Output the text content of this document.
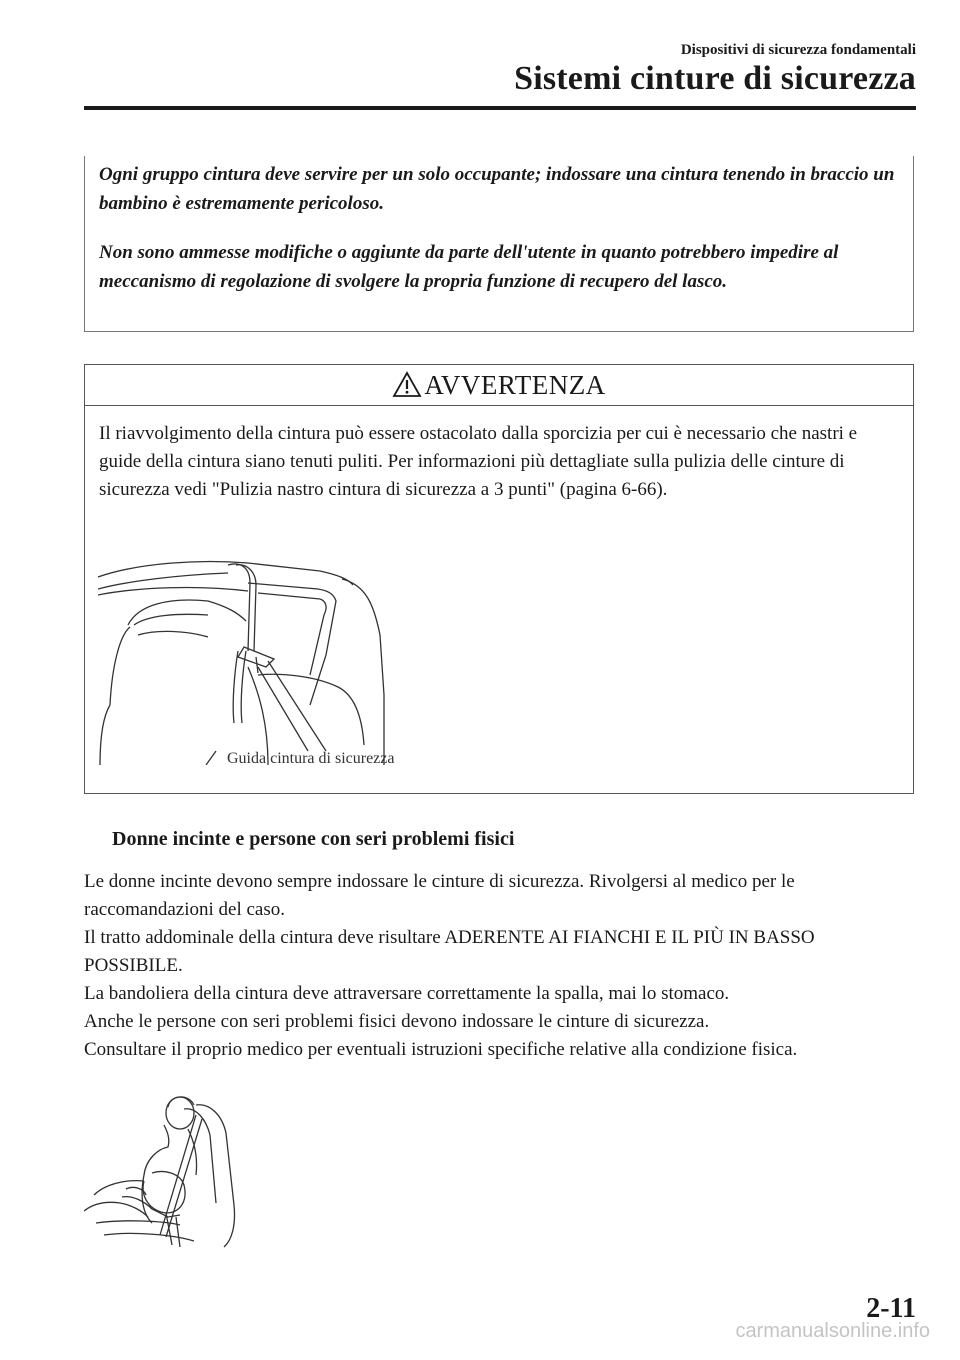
Dispositivi di sicurezza fondamentali
Sistemi cinture di sicurezza

Ogni gruppo cintura deve servire per un solo occupante; indossare una cintura tenendo in braccio un bambino è estremamente pericoloso.

Non sono ammesse modifiche o aggiunte da parte dell'utente in quanto potrebbero impedire al meccanismo di regolazione di svolgere la propria funzione di recupero del lasco.

AVVERTENZA
Il riavvolgimento della cintura può essere ostacolato dalla sporcizia per cui è necessario che nastri e guide della cintura siano tenuti puliti. Per informazioni più dettagliate sulla pulizia delle cinture di sicurezza vedi "Pulizia nastro cintura di sicurezza a 3 punti" (pagina 6-66).
Guida cintura di sicurezza
Donne incinte e persone con seri problemi fisici

Le donne incinte devono sempre indossare le cinture di sicurezza. Rivolgersi al medico per le raccomandazioni del caso.

Il tratto addominale della cintura deve risultare ADERENTE AI FIANCHI E IL PIÙ IN BASSO POSSIBILE.

La bandoliera della cintura deve attraversare correttamente la spalla, mai lo stomaco.

Anche le persone con seri problemi fisici devono indossare le cinture di sicurezza.

Consultare il proprio medico per eventuali istruzioni specifiche relative alla condizione fisica.

2-11
carmanualsonline.info
